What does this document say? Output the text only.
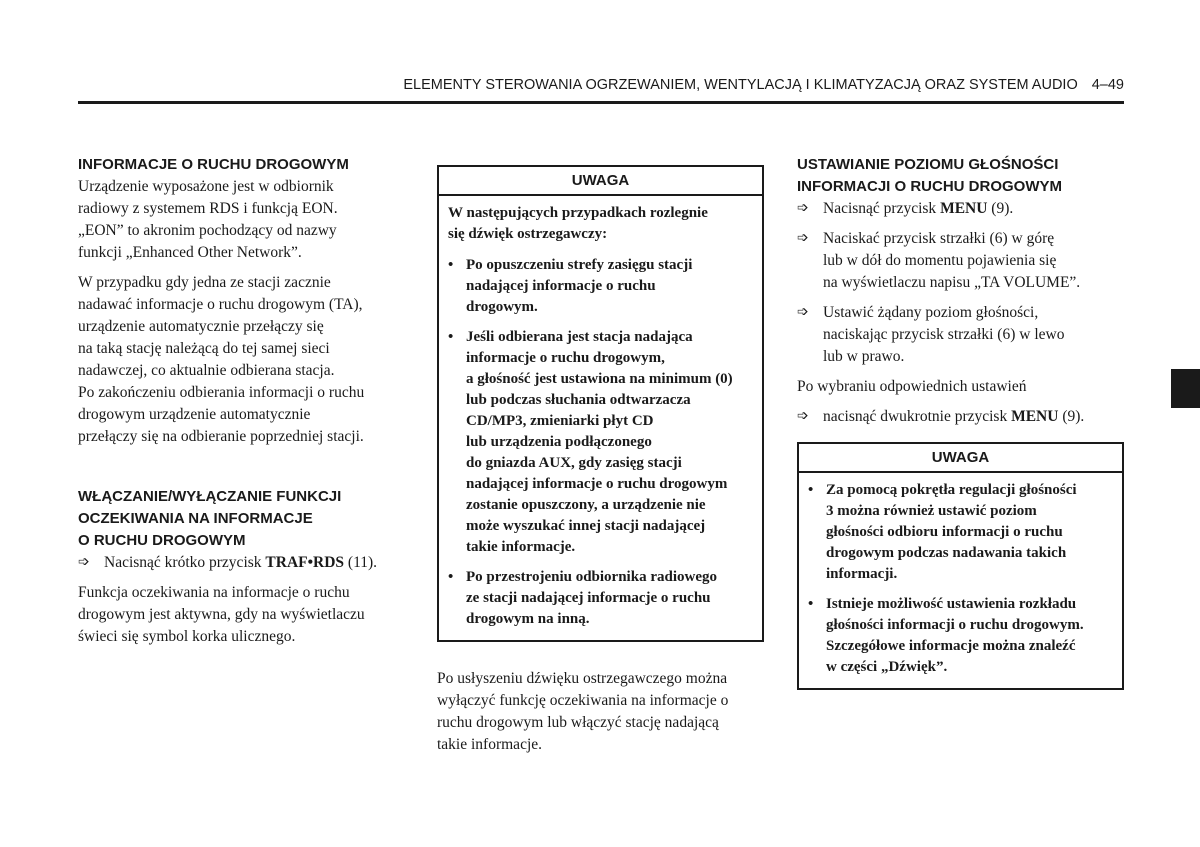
ELEMENTY STEROWANIA OGRZEWANIEM, WENTYLACJĄ I KLIMATYZACJĄ ORAZ SYSTEM AUDIO 4–49

INFORMACJE O RUCHU DROGOWYM

Urządzenie wyposażone jest w odbiornik
radiowy z systemem RDS i funkcją EON.
„EON” to akronim pochodzący od nazwy
funkcji „Enhanced Other Network”.
W przypadku gdy jedna ze stacji zacznie
nadawać informacje o ruchu drogowym (TA),
urządzenie automatycznie przełączy się
na taką stację należącą do tej samej sieci
nadawczej, co aktualnie odbierana stacja.
Po zakończeniu odbierania informacji o ruchu
drogowym urządzenie automatycznie
przełączy się na odbieranie poprzedniej stacji.
WŁĄCZANIE/WYŁĄCZANIE FUNKCJI
OCZEKIWANIA NA INFORMACJE
O RUCHU DROGOWYM
➩ Nacisnąć krótko przycisk TRAF•RDS (11).
Funkcja oczekiwania na informacje o ruchu
drogowym jest aktywna, gdy na wyświetlaczu
świeci się symbol korka ulicznego.
UWAGA
W następujących przypadkach rozlegnie
się dźwięk ostrzegawczy:
• Po opuszczeniu strefy zasięgu stacji
nadającej informacje o ruchu
drogowym.
• Jeśli odbierana jest stacja nadająca
informacje o ruchu drogowym,
a głośność jest ustawiona na minimum (0)
lub podczas słuchania odtwarzacza
CD/MP3, zmieniarki płyt CD
lub urządzenia podłączonego
do gniazda AUX, gdy zasięg stacji
nadającej informacje o ruchu drogowym
zostanie opuszczony, a urządzenie nie
może wyszukać innej stacji nadającej
takie informacje.
• Po przestrojeniu odbiornika radiowego
ze stacji nadającej informacje o ruchu
drogowym na inną.
Po usłyszeniu dźwięku ostrzegawczego można
wyłączyć funkcję oczekiwania na informacje o
ruchu drogowym lub włączyć stację nadającą
takie informacje.
USTAWIANIE POZIOMU GŁOŚNOŚCI
INFORMACJI O RUCHU DROGOWYM
➩ Nacisnąć przycisk MENU (9).
➩ Naciskać przycisk strzałki (6) w górę
lub w dół do momentu pojawienia się
na wyświetlaczu napisu „TA VOLUME”.
➩ Ustawić żądany poziom głośności,
naciskając przycisk strzałki (6) w lewo
lub w prawo.

Po wybraniu odpowiednich ustawień

➩ nacisnąć dwukrotnie przycisk MENU (9).
UWAGA
• Za pomocą pokrętła regulacji głośności
3 można również ustawić poziom
głośności odbioru informacji o ruchu
drogowym podczas nadawania takich
informacji.
• Istnieje możliwość ustawienia rozkładu
głośności informacji o ruchu drogowym.
Szczegółowe informacje można znaleźć
w części „Dźwięk”.
